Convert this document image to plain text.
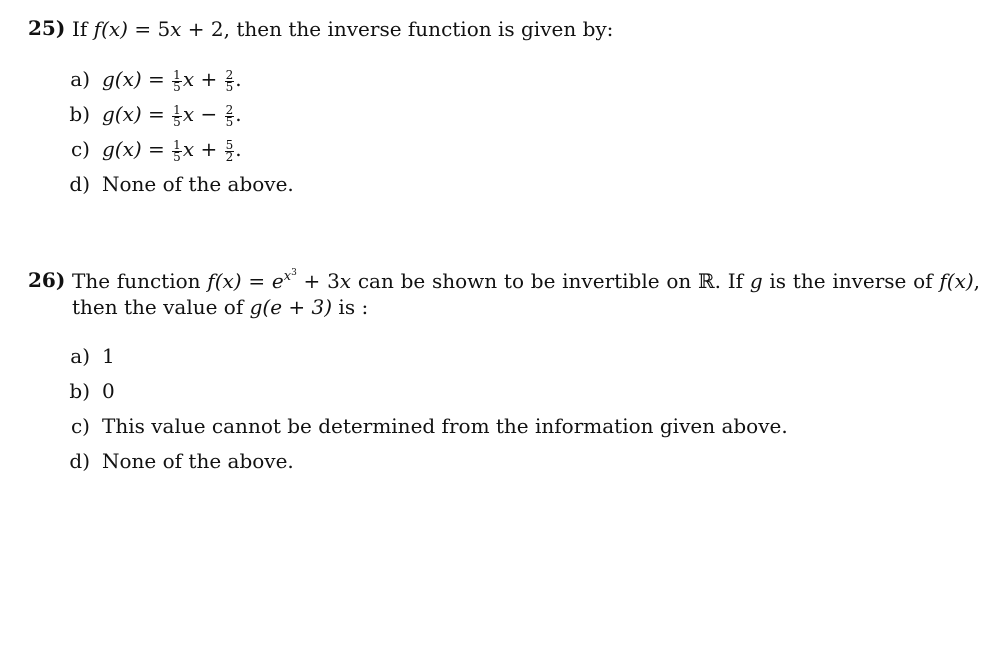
25) If f(x) = 5x + 2, then the inverse function is given by:
a) $g(x) = \frac{1}{5}$ $x + \frac{2}{5}$ .
b) $g(x) = \frac{1}{5}$ $x - \frac{2}{5}$ .
c) $g(x) = \frac{1}{5}$ $x + \frac{5}{2}$ .
d) None of the above.
26) The function $f(x) = e^{x^3} + 3x$ can be shown to be invertible on ℝ. If g is the inverse of f(x), then the value of g(e + 3) is :
a) 1
b) 0
c) This value cannot be determined from the information given above.
d) None of the above.
